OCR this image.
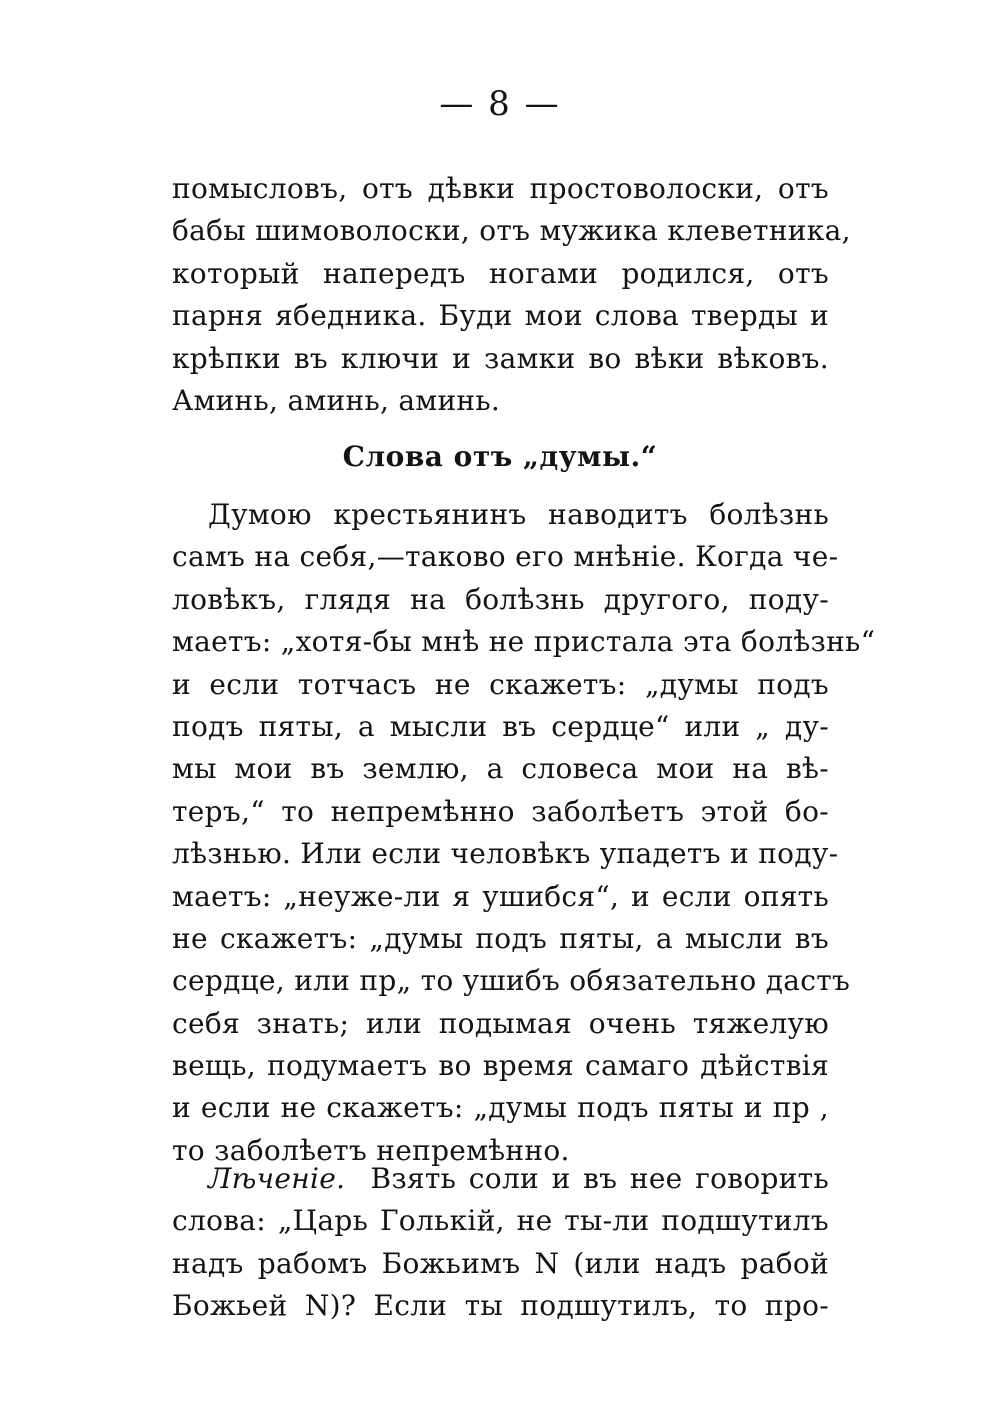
— 8 —
помысловъ, отъ дѣвки простоволоски, отъ
бабы шимоволоски, отъ мужика клеветника,
который напередъ ногами родился, отъ
парня ябедника. Буди мои слова тверды и
крѣпки въ ключи и замки во вѣки вѣковъ.
Аминь, аминь, аминь.
Слова отъ „думы.“
Думою крестьянинъ наводитъ болѣзнь
самъ на себя,—таково его мнѣніе. Когда че-
ловѣкъ, глядя на болѣзнь другого, поду-
маетъ: „хотя-бы мнѣ не пристала эта болѣзнь“
и если тотчасъ не скажетъ: „думы подъ
подъ пяты, а мысли въ сердце“ или „ ду-
мы мои въ землю, а словеса мои на вѣ-
теръ,“ то непремѣнно заболѣетъ этой бо-
лѣзнью. Или если человѣкъ упадетъ и поду-
маетъ: „неуже-ли я ушибся“, и если опять
не скажетъ: „думы подъ пяты, а мысли въ
сердце, или пр„ то ушибъ обязательно дастъ
себя знать; или подымая очень тяжелую
вещь, подумаетъ во время самаго дѣйствія
и если не скажетъ: „думы подъ пяты и пр ,
то заболѣетъ непремѣнно.
Лѣченіе. Взять соли и въ нее говорить
слова: „Царь Голькій, не ты-ли подшутилъ
надъ рабомъ Божьимъ N (или надъ рабой
Божьей N)? Если ты подшутилъ, то про-
